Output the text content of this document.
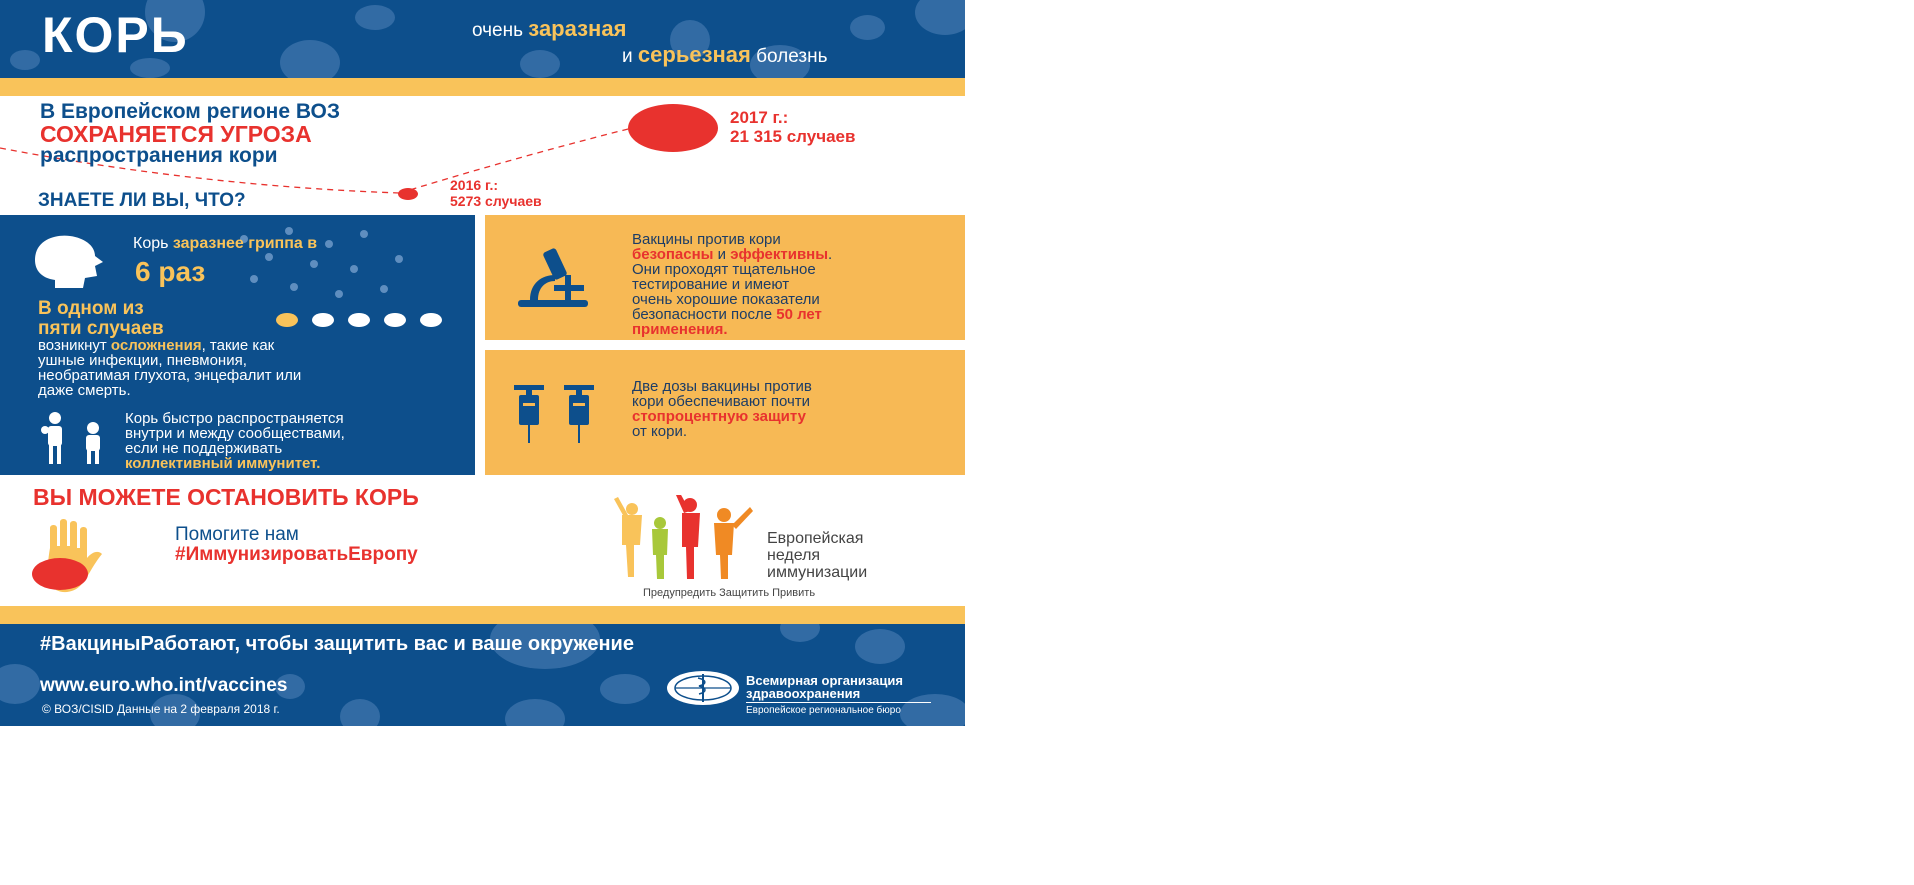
КОРЬ	очень заразная
и серьезная болезнь
В Европейском регионе ВОЗ
СОХРАНЯЕТСЯ УГРОЗА
распространения кори
ЗНАЕТЕ ЛИ ВЫ, ЧТО?
2017 г.:
21 315 случаев
2016 г.:
5273 случаев
Корь заразнее гриппа в
6 раз
В одном из
пяти случаев
возникнут осложнения, такие как
ушные инфекции, пневмония,
необратимая глухота, энцефалит или
даже смерть.
Корь быстро распространяется
внутри и между сообществами,
если не поддерживать
коллективный иммунитет.
Вакцины против кори
безопасны и эффективны.
Они проходят тщательное
тестирование и имеют
очень хорошие показатели
безопасности после 50 лет
применения.
Две дозы вакцины против
кори обеспечивают почти
стопроцентную защиту
от кори.
ВЫ МОЖЕТЕ ОСТАНОВИТЬ КОРЬ
Помогите нам
#ИммунизироватьЕвропу
Европейская
неделя
иммунизации
Предупредить Защитить Привить
#ВакциныРаботают, чтобы защитить вас и ваше окружение
www.euro.who.int/vaccines
© ВОЗ/CISID Данные на 2 февраля 2018 г.
Всемирная организация
здравоохранения
Европейское региональное бюро
